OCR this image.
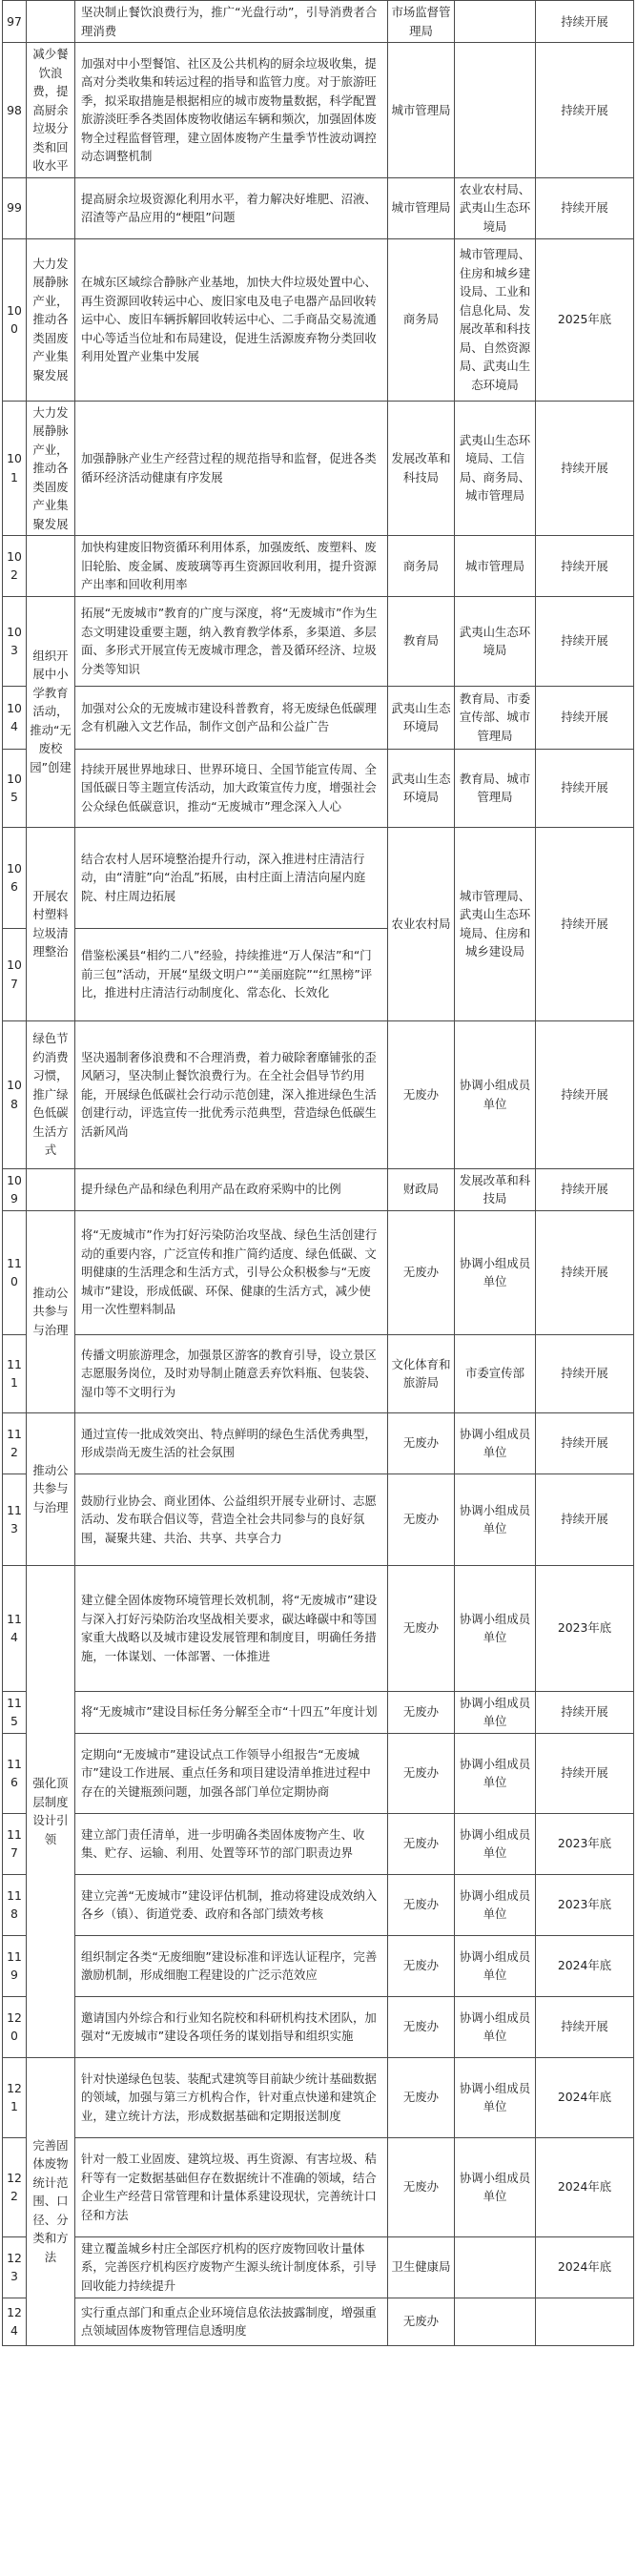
97		坚决制止餐饮浪费行为，推广“光盘行动”，引导消费者合理消费	市场监督管理局		持续开展
98	减少餐饮浪费，提高厨余垃圾分类和回收水平	加强对中小型餐馆、社区及公共机构的厨余垃圾收集，提高对分类收集和转运过程的指导和监管力度。对于旅游旺季，拟采取措施是根据相应的城市废物量数据，科学配置旅游淡旺季各类固体废物收储运车辆和频次，加强固体废物全过程监督管理，建立固体废物产生量季节性波动调控动态调整机制	城市管理局		持续开展
99		提高厨余垃圾资源化利用水平，着力解决好堆肥、沼液、沼渣等产品应用的“梗阻”问题	城市管理局	农业农村局、武夷山生态环境局	持续开展
100	大力发展静脉产业，推动各类固废产业集聚发展	在城东区域综合静脉产业基地，加快大件垃圾处置中心、再生资源回收转运中心、废旧家电及电子电器产品回收转运中心、废旧车辆拆解回收转运中心、二手商品交易流通中心等适当位址和布局建设，促进生活源废弃物分类回收利用处置产业集中发展	商务局	城市管理局、住房和城乡建设局、工业和信息化局、发展改革和科技局、自然资源局、武夷山生态环境局	2025年底
101	大力发展静脉产业，推动各类固废产业集聚发展	加强静脉产业生产经营过程的规范指导和监督，促进各类循环经济活动健康有序发展	发展改革和科技局	武夷山生态环境局、工信局、商务局、城市管理局	持续开展
102		加快构建废旧物资循环利用体系，加强废纸、废塑料、废旧轮胎、废金属、废玻璃等再生资源回收利用，提升资源产出率和回收利用率	商务局	城市管理局	持续开展
103	组织开展中小学教育活动，推动“无废校园”创建	拓展“无废城市”教育的广度与深度，将“无废城市”作为生态文明建设重要主题，纳入教育教学体系，多渠道、多层面、多形式开展宣传无废城市理念，普及循环经济、垃圾分类等知识	教育局	武夷山生态环境局	持续开展
104		加强对公众的无废城市建设科普教育，将无废绿色低碳理念有机融入文艺作品，制作文创产品和公益广告	武夷山生态环境局	教育局、市委宣传部、城市管理局	持续开展
105		持续开展世界地球日、世界环境日、全国节能宣传周、全国低碳日等主题宣传活动，加大政策宣传力度，增强社会公众绿色低碳意识，推动“无废城市”理念深入人心	武夷山生态环境局	教育局、城市管理局	持续开展
106	开展农村塑料垃圾清理整治	结合农村人居环境整治提升行动，深入推进村庄清洁行动，由“清脏”向“治乱”拓展，由村庄面上清洁向屋内庭院、村庄周边拓展	农业农村局	城市管理局、武夷山生态环境局、住房和城乡建设局	持续开展
107		借鉴松溪县“相约二八”经验，持续推进“万人保洁”和“门前三包”活动，开展“星级文明户”“美丽庭院”“红黑榜”评比，推进村庄清洁行动制度化、常态化、长效化			
108	绿色节约消费习惯，推广绿色低碳生活方式	坚决遏制奢侈浪费和不合理消费，着力破除奢靡铺张的歪风陋习，坚决制止餐饮浪费行为。在全社会倡导节约用能，开展绿色低碳社会行动示范创建，深入推进绿色生活创建行动，评选宣传一批优秀示范典型，营造绿色低碳生活新风尚	无废办	协调小组成员单位	持续开展
109		提升绿色产品和绿色利用产品在政府采购中的比例	财政局	发展改革和科技局	持续开展
110	推动公共参与与治理	将“无废城市”作为打好污染防治攻坚战、绿色生活创建行动的重要内容，广泛宣传和推广简约适度、绿色低碳、文明健康的生活理念和生活方式，引导公众积极参与“无废城市”建设，形成低碳、环保、健康的生活方式，减少使用一次性塑料制品	无废办	协调小组成员单位	持续开展
111		传播文明旅游理念，加强景区游客的教育引导，设立景区志愿服务岗位，及时劝导制止随意丢弃饮料瓶、包装袋、湿巾等不文明行为	文化体育和旅游局	市委宣传部	持续开展
112	推动公共参与与治理	通过宣传一批成效突出、特点鲜明的绿色生活优秀典型，形成崇尚无废生活的社会氛围	无废办	协调小组成员单位	持续开展
113		鼓励行业协会、商业团体、公益组织开展专业研讨、志愿活动、发布联合倡议等，营造全社会共同参与的良好氛围，凝聚共建、共治、共享、共享合力	无废办	协调小组成员单位	持续开展
114	强化顶层制度设计引领	建立健全固体废物环境管理长效机制，将“无废城市”建设与深入打好污染防治攻坚战相关要求，碳达峰碳中和等国家重大战略以及城市建设发展管理和制度目，明确任务措施，一体谋划、一体部署、一体推进	无废办	协调小组成员单位	2023年底
115		将“无废城市”建设目标任务分解至全市“十四五”年度计划	无废办	协调小组成员单位	持续开展
116		定期向“无废城市”建设试点工作领导小组报告“无废城市”建设工作进展、重点任务和项目建设清单推进过程中存在的关键瓶颈问题，加强各部门单位定期协商	无废办	协调小组成员单位	持续开展
117		建立部门责任清单，进一步明确各类固体废物产生、收集、贮存、运输、利用、处置等环节的部门职责边界	无废办	协调小组成员单位	2023年底
118		建立完善“无废城市”建设评估机制，推动将建设成效纳入各乡（镇）、街道党委、政府和各部门绩效考核	无废办	协调小组成员单位	2023年底
119		组织制定各类“无废细胞”建设标准和评选认证程序，完善激励机制，形成细胞工程建设的广泛示范效应	无废办	协调小组成员单位	2024年底
120		邀请国内外综合和行业知名院校和科研机构技术团队，加强对“无废城市”建设各项任务的谋划指导和组织实施	无废办	协调小组成员单位	持续开展
121	完善固体废物统计范围、口径、分类和方法	针对快递绿色包装、装配式建筑等目前缺少统计基础数据的领域，加强与第三方机构合作，针对重点快递和建筑企业，建立统计方法，形成数据基础和定期报送制度	无废办	协调小组成员单位	2024年底
122		针对一般工业固废、建筑垃圾、再生资源、有害垃圾、秸秆等有一定数据基础但存在数据统计不准确的领域，结合企业生产经营日常管理和计量体系建设现状，完善统计口径和方法	无废办	协调小组成员单位	2024年底
123		建立覆盖城乡村庄全部医疗机构的医疗废物回收计量体系，完善医疗机构医疗废物产生源头统计制度体系，引导回收能力持续提升	卫生健康局		2024年底
124		实行重点部门和重点企业环境信息依法披露制度，增强重点领域固体废物管理信息透明度	无废办		
